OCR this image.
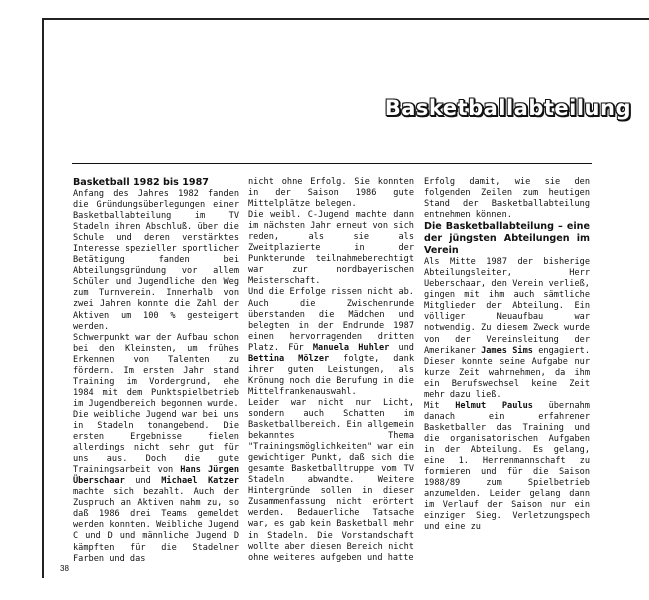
Basketballabteilung

Basketball 1982 bis 1987

Anfang des Jahres 1982 fanden die Gründungsüberlegungen einer Basketballabteilung im TV Stadeln ihren Abschluß. über die Schule und deren verstärktes Interesse spezieller sportlicher Betätigung fanden bei Abteilungsgründung vor allem Schüler und Jugendliche den Weg zum Turnverein. Innerhalb von zwei Jahren konnte die Zahl der Aktiven um 100 % gesteigert werden.

Schwerpunkt war der Aufbau schon bei den Kleinsten, um frühes Erkennen von Talenten zu fördern. Im ersten Jahr stand Training im Vordergrund, ehe 1984 mit dem Punktspielbetrieb im Jugendbereich begonnen wurde.

Die weibliche Jugend war bei uns in Stadeln tonangebend. Die ersten Ergebnisse fielen allerdings nicht sehr gut für uns aus. Doch die gute Trainingsarbeit von Hans Jürgen Überschaar und Michael Katzer machte sich bezahlt. Auch der Zuspruch an Aktiven nahm zu, so daß 1986 drei Teams gemeldet werden konnten. Weibliche Jugend C und D und männliche Jugend D kämpften für die Stadelner Farben und das

nicht ohne Erfolg. Sie konnten in der Saison 1986 gute Mittelplätze belegen.

Die weibl. C-Jugend machte dann im nächsten Jahr erneut von sich reden, als sie als Zweitplazierte in der Punkterunde teilnahmeberechtigt war zur nordbayerischen Meisterschaft.

Und die Erfolge rissen nicht ab. Auch die Zwischenrunde überstanden die Mädchen und belegten in der Endrunde 1987 einen hervorragenden dritten Platz. Für Manuela Huhler und Bettina Mölzer folgte, dank ihrer guten Leistungen, als Krönung noch die Berufung in die Mittelfrankenauswahl.

Leider war nicht nur Licht, sondern auch Schatten im Basketballbereich. Ein allgemein bekanntes Thema "Trainingsmöglichkeiten" war ein gewichtiger Punkt, daß sich die gesamte Basketballtruppe vom TV Stadeln abwandte. Weitere Hintergründe sollen in dieser Zusammenfassung nicht erörtert werden. Bedauerliche Tatsache war, es gab kein Basketball mehr in Stadeln. Die Vorstandschaft wollte aber diesen Bereich nicht ohne weiteres aufgeben und hatte

Erfolg damit, wie sie den folgenden Zeilen zum heutigen Stand der Basketballabteilung entnehmen können.

Die Basketballabteilung – eine der jüngsten Abteilungen im Verein

Als Mitte 1987 der bisherige Abteilungsleiter, Herr Ueberschaar, den Verein verließ, gingen mit ihm auch sämtliche Mitglieder der Abteilung. Ein völliger Neuaufbau war notwendig. Zu diesem Zweck wurde von der Vereinsleitung der Amerikaner James Sims engagiert. Dieser konnte seine Aufgabe nur kurze Zeit wahrnehmen, da ihm ein Berufswechsel keine Zeit mehr dazu ließ.

Mit Helmut Paulus übernahm danach ein erfahrener Basketballer das Training und die organisatorischen Aufgaben in der Abteilung. Es gelang, eine 1. Herrenmannschaft zu formieren und für die Saison 1988/89 zum Spielbetrieb anzumelden. Leider gelang dann im Verlauf der Saison nur ein einziger Sieg. Verletzungspech und eine zu

38
